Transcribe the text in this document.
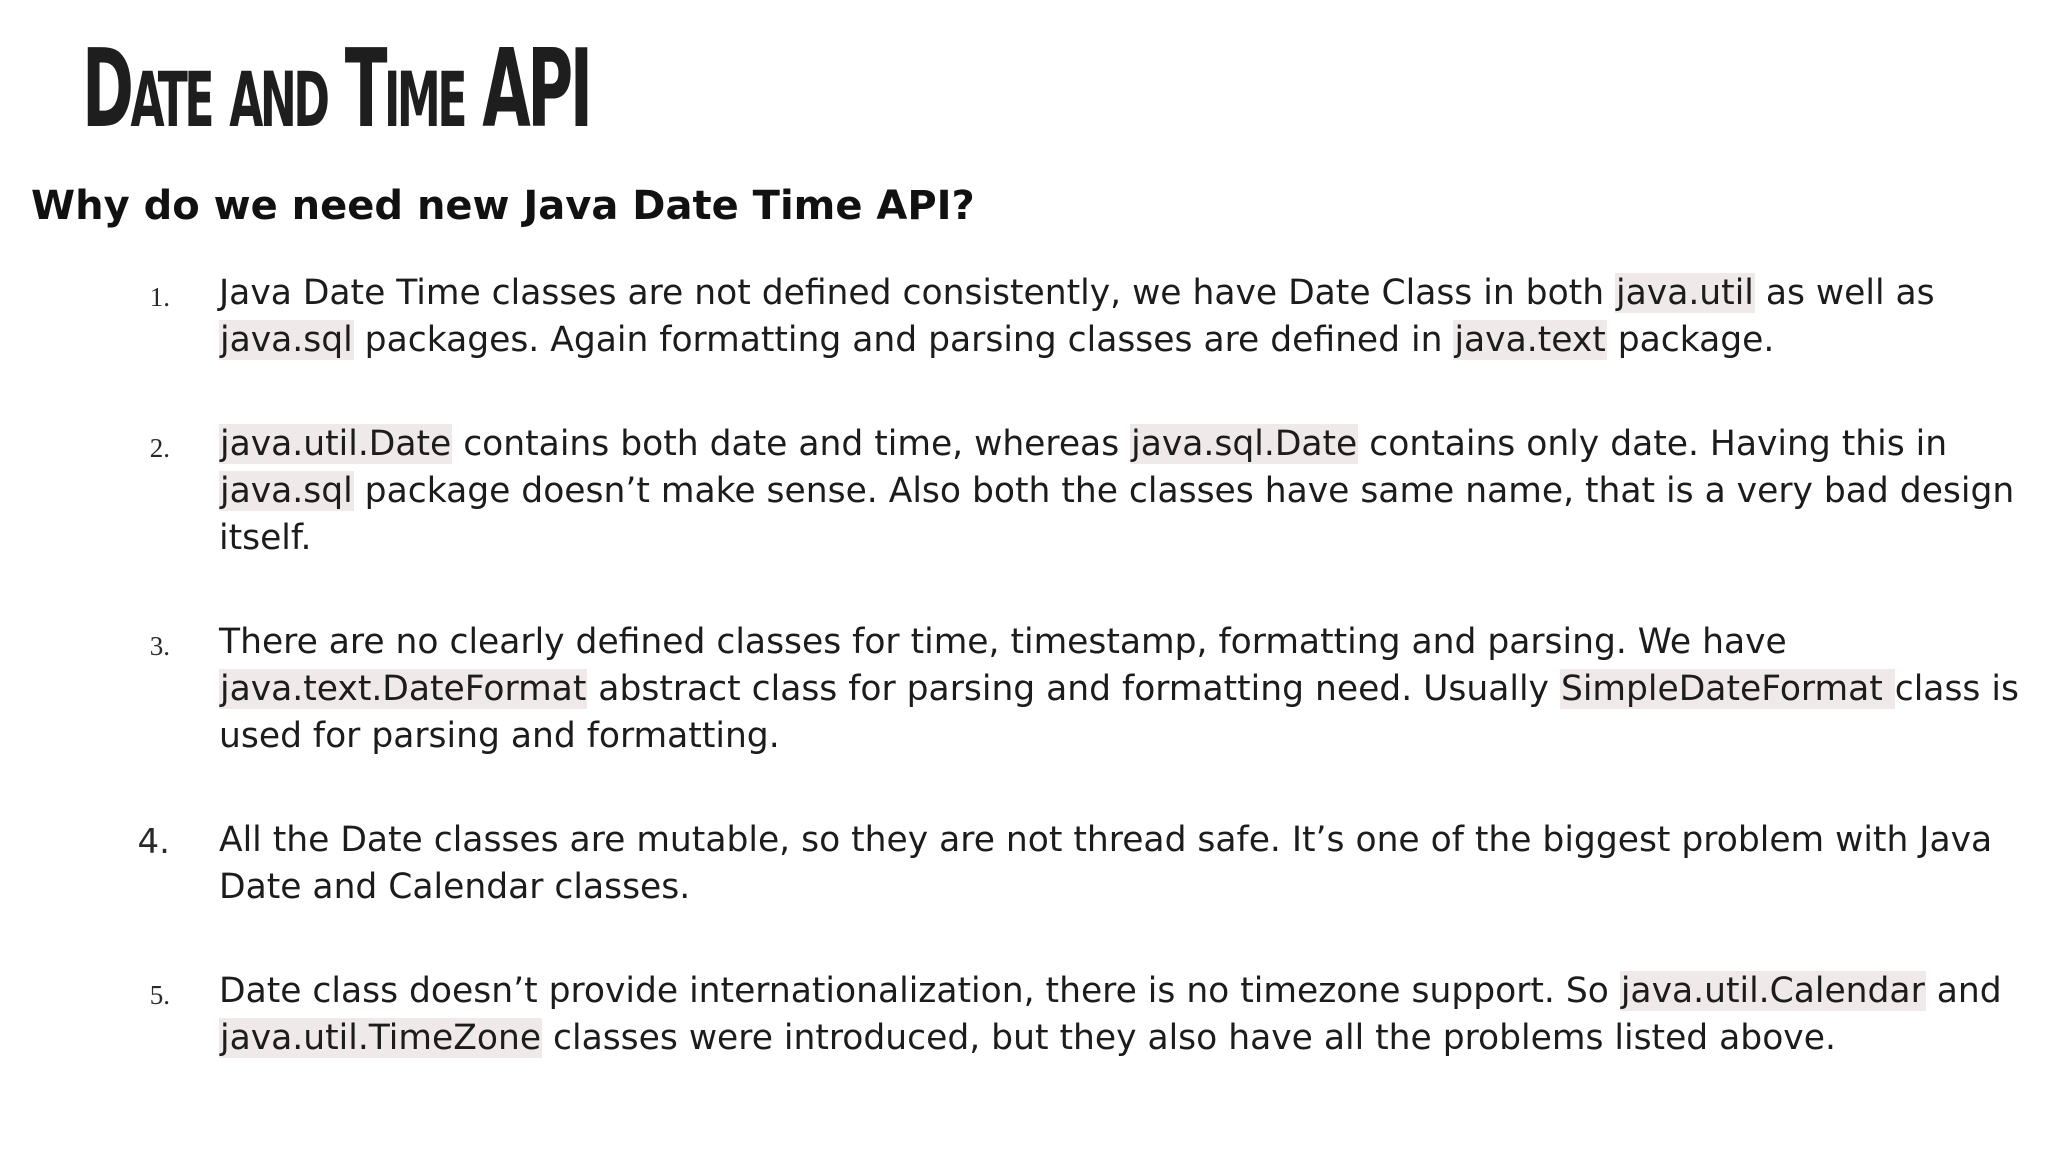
Date and Time API
Why do we need new Java Date Time API?
1. Java Date Time classes are not defined consistently, we have Date Class in both java.util as well as java.sql packages. Again formatting and parsing classes are defined in java.text package.
2. java.util.Date contains both date and time, whereas java.sql.Date contains only date. Having this in java.sql package doesn’t make sense. Also both the classes have same name, that is a very bad design itself.
3. There are no clearly defined classes for time, timestamp, formatting and parsing. We have java.text.DateFormat abstract class for parsing and formatting need. Usually SimpleDateFormat class is used for parsing and formatting.
4. All the Date classes are mutable, so they are not thread safe. It’s one of the biggest problem with Java Date and Calendar classes.
5. Date class doesn’t provide internationalization, there is no timezone support. So java.util.Calendar and java.util.TimeZone classes were introduced, but they also have all the problems listed above.
